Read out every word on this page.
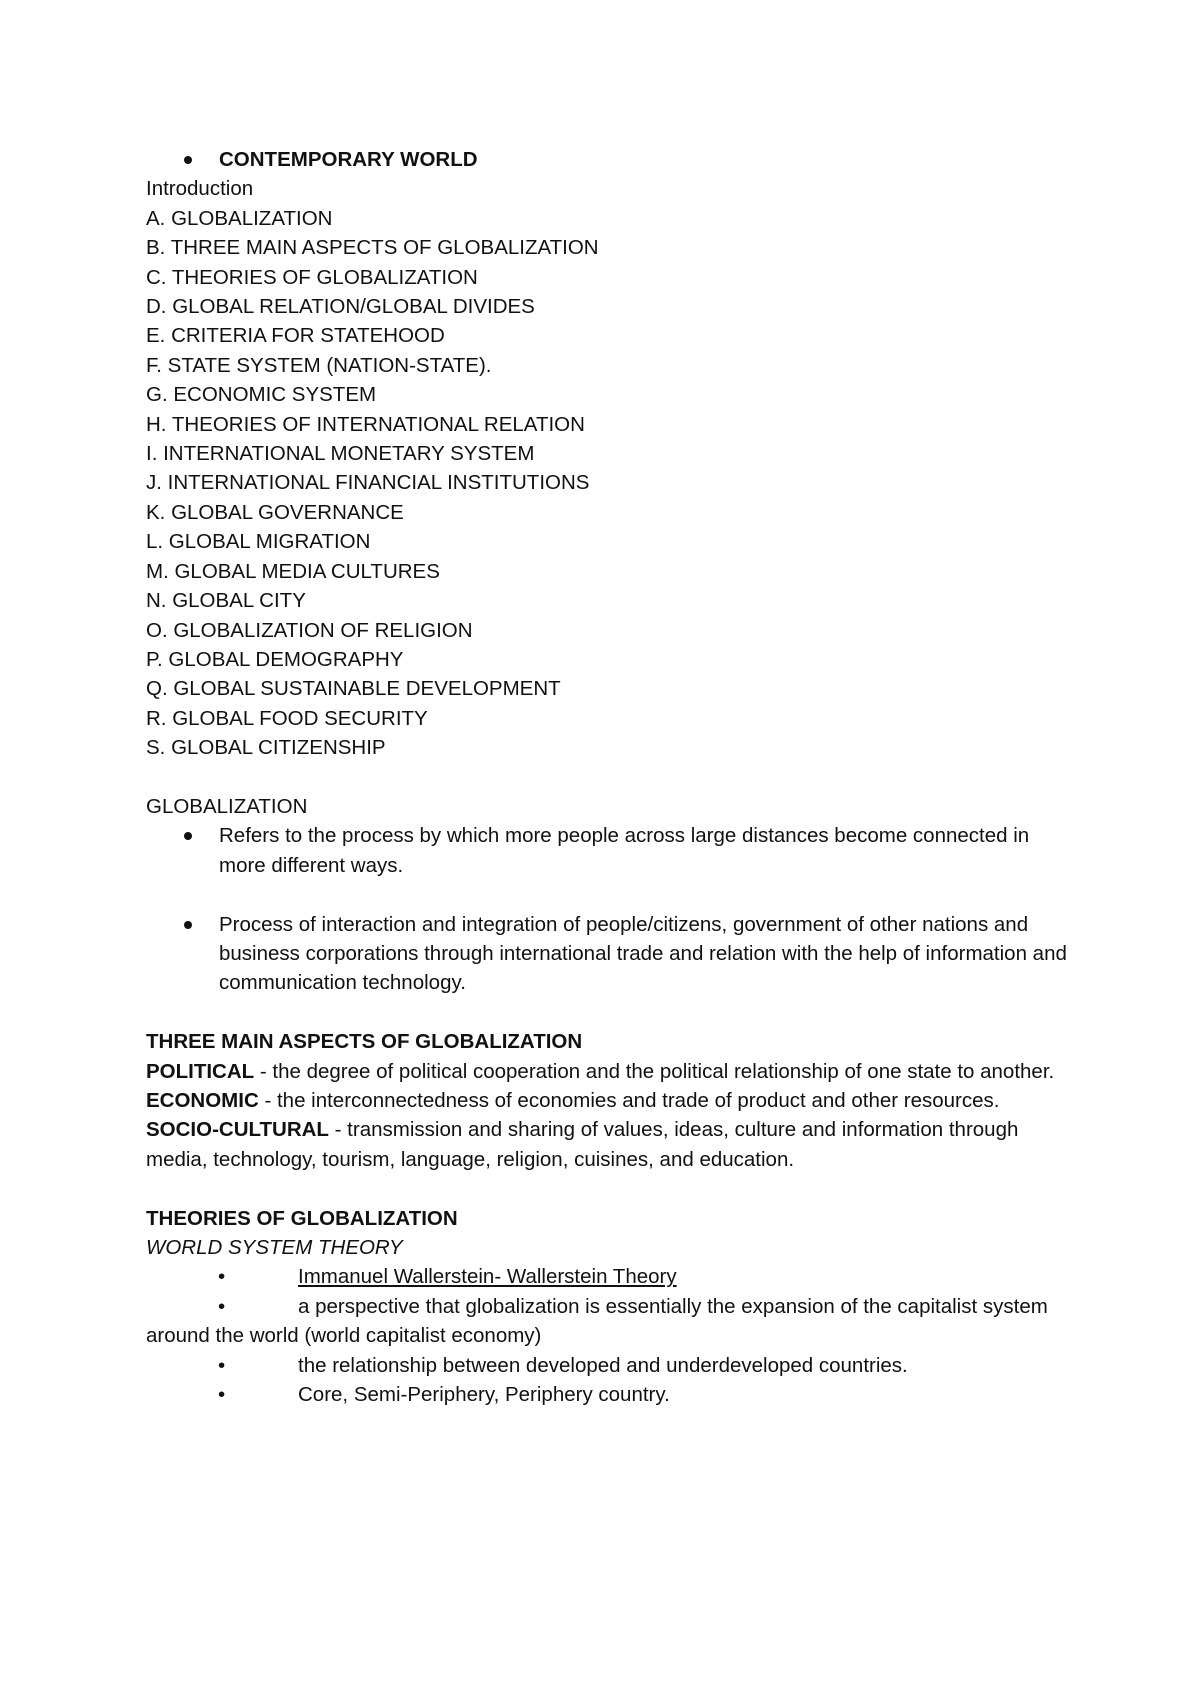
CONTEMPORARY WORLD
Introduction
A. GLOBALIZATION
B. THREE MAIN ASPECTS OF GLOBALIZATION
C. THEORIES OF GLOBALIZATION
D. GLOBAL RELATION/GLOBAL DIVIDES
E. CRITERIA FOR STATEHOOD
F. STATE SYSTEM (NATION-STATE).
G. ECONOMIC SYSTEM
H. THEORIES OF INTERNATIONAL RELATION
I. INTERNATIONAL MONETARY SYSTEM
J. INTERNATIONAL FINANCIAL INSTITUTIONS
K. GLOBAL GOVERNANCE
L. GLOBAL MIGRATION
M. GLOBAL MEDIA CULTURES
N. GLOBAL CITY
O. GLOBALIZATION OF RELIGION
P. GLOBAL DEMOGRAPHY
Q. GLOBAL SUSTAINABLE DEVELOPMENT
R. GLOBAL FOOD SECURITY
S. GLOBAL CITIZENSHIP
GLOBALIZATION
Refers to the process by which more people across large distances become connected in more different ways.
Process of interaction and integration of people/citizens, government of other nations and business corporations through international trade and relation with the help of information and communication technology.
THREE MAIN ASPECTS OF GLOBALIZATION
POLITICAL - the degree of political cooperation and the political relationship of one state to another.
ECONOMIC - the interconnectedness of economies and trade of product and other resources.
SOCIO-CULTURAL - transmission and sharing of values, ideas, culture and information through media, technology, tourism, language, religion, cuisines, and education.
THEORIES OF GLOBALIZATION
WORLD SYSTEM THEORY
•	Immanuel Wallerstein- Wallerstein Theory
•	a perspective that globalization is essentially the expansion of the capitalist system around the world (world capitalist economy)
•	the relationship between developed and underdeveloped countries.
•	Core, Semi-Periphery, Periphery country.
